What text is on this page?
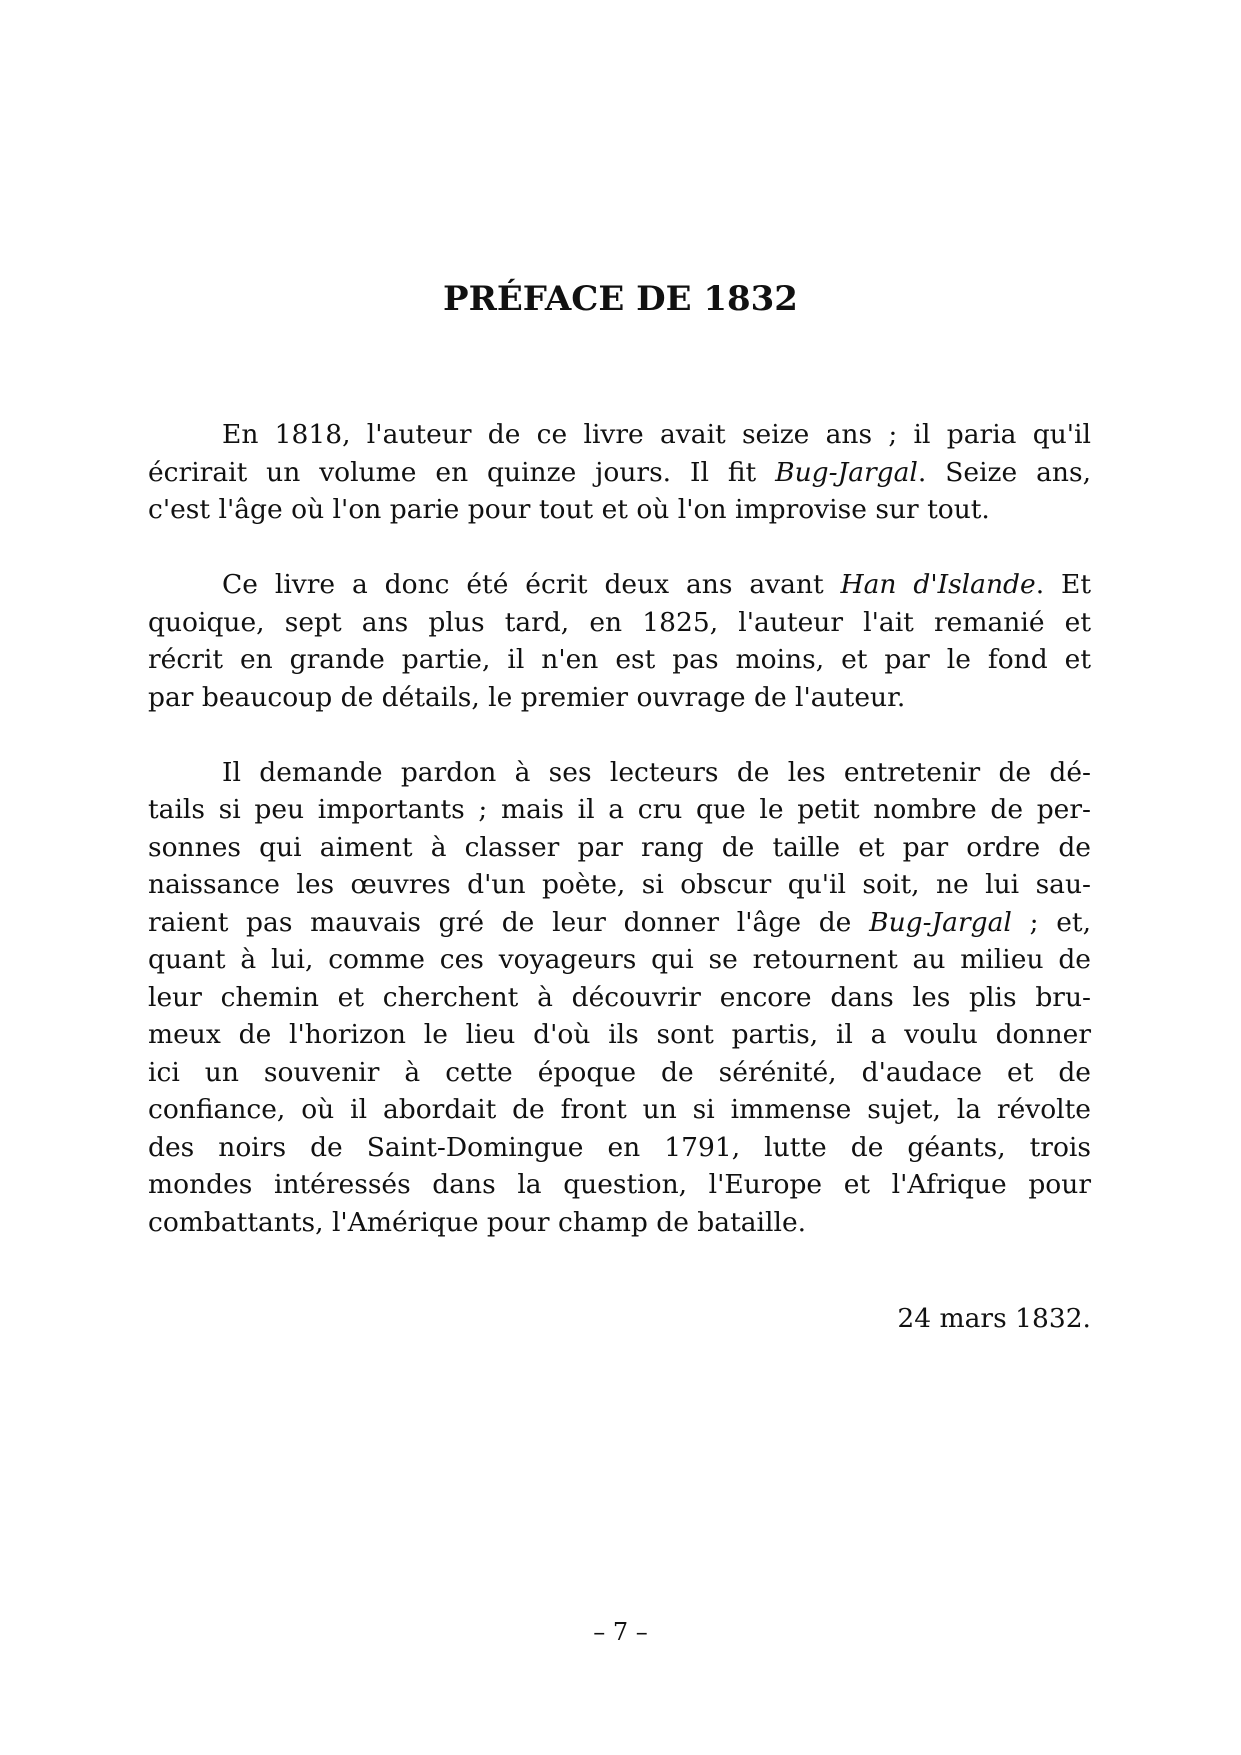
PRÉFACE DE 1832

En 1818, l'auteur de ce livre avait seize ans ; il paria qu'il
écrirait un volume en quinze jours. Il fit Bug-Jargal. Seize ans,
c'est l'âge où l'on parie pour tout et où l'on improvise sur tout.

Ce livre a donc été écrit deux ans avant Han d'Islande. Et
quoique, sept ans plus tard, en 1825, l'auteur l'ait remanié et
récrit en grande partie, il n'en est pas moins, et par le fond et
par beaucoup de détails, le premier ouvrage de l'auteur.

Il demande pardon à ses lecteurs de les entretenir de dé-
tails si peu importants ; mais il a cru que le petit nombre de per-
sonnes qui aiment à classer par rang de taille et par ordre de
naissance les œuvres d'un poète, si obscur qu'il soit, ne lui sau-
raient pas mauvais gré de leur donner l'âge de Bug-Jargal ; et,
quant à lui, comme ces voyageurs qui se retournent au milieu de
leur chemin et cherchent à découvrir encore dans les plis bru-
meux de l'horizon le lieu d'où ils sont partis, il a voulu donner
ici un souvenir à cette époque de sérénité, d'audace et de
confiance, où il abordait de front un si immense sujet, la révolte
des noirs de Saint-Domingue en 1791, lutte de géants, trois
mondes intéressés dans la question, l'Europe et l'Afrique pour
combattants, l'Amérique pour champ de bataille.

24 mars 1832.
– 7 –
